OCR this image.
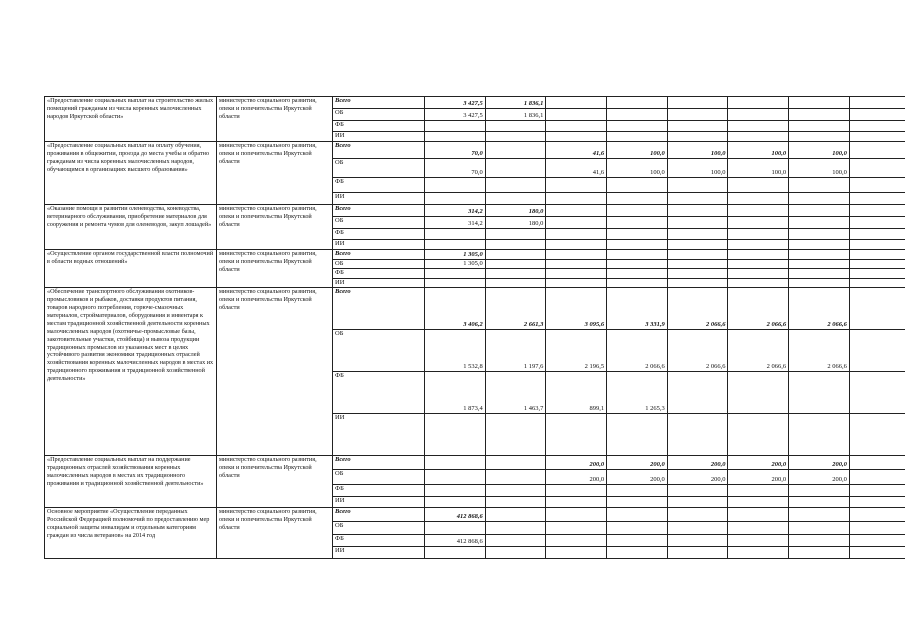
«Предоставление социальных выплат на строительство жилых помещений гражданам из числа коренных малочисленных народов Иркутской области»	министерство социального развития, опеки и попечительства Иркутской области	Всего	3 427,5	1 836,1						
		ОБ	3 427,5	1 836,1						
		ФБ								
		ИИ								
«Предоставление социальных выплат на оплату обучения, проживания в общежитии, проезда до места учебы и обратно гражданам из числа коренных малочисленных народов, обучающимся в организациях высшего образования»	министерство социального развития, опеки и попечительства Иркутской области	Всего	70,0		41,6	100,0	100,0	100,0	100,0	
		ОБ	70,0		41,6	100,0	100,0	100,0	100,0	
		ФБ								
		ИИ								
«Оказание помощи в развитии оленеводства, коневодства, ветеринарного обслуживания, приобретение материалов для сооружения и ремонта чумов для оленеводов, закуп лошадей»	министерство социального развития, опеки и попечительства Иркутской области	Всего	314,2	180,0						
		ОБ	314,2	180,0						
		ФБ								
		ИИ								
«Осуществление органом государственной власти полномочий в области водных отношений»	министерство социального развития, опеки и попечительства Иркутской области	Всего	1 305,0							
		ОБ	1 305,0							
		ФБ								
		ИИ								
«Обеспечение транспортного обслуживания охотников-промысловиков и рыбаков, доставки продуктов питания, товаров народного потребления, горюче-смазочных материалов, стройматериалов, оборудования и инвентаря к местам традиционной хозяйственной деятельности коренных малочисленных народов (охотничье-промысловые базы, закотовительные участки, стойбища) и вывоза продукции традиционных промыслов из указанных мест в целях устойчивого развития экономики традиционных отраслей хозяйствования коренных малочисленных народов в местах их традиционного проживания и традиционной хозяйственной деятельности»	министерство социального развития, опеки и попечительства Иркутской области	Всего	3 406,2	2 661,3	3 095,6	3 331,9	2 066,6	2 066,6	2 066,6	
		ОБ	1 532,8	1 197,6	2 196,5	2 066,6	2 066,6	2 066,6	2 066,6	
		ФБ	1 873,4	1 463,7	899,1	1 265,3				
		ИИ								
«Предоставление социальных выплат на поддержание традиционных отраслей хозяйствования коренных малочисленных народов в местах их традиционного проживания и традиционной хозяйственной деятельности»	министерство социального развития, опеки и попечительства Иркутской области	Всего			200,0	200,0	200,0	200,0	200,0	
		ОБ			200,0	200,0	200,0	200,0	200,0	
		ФБ								
		ИИ								
Основное мероприятие «Осуществление переданных Российской Федерацией полномочий по предоставлению мер социальной защиты инвалидам и отдельным категориям граждан из числа ветеранов» на 2014 год	министерство социального развития, опеки и попечительства Иркутской области	Всего	412 868,6							
		ОБ								
		ФБ	412 868,6							
		ИИ								
